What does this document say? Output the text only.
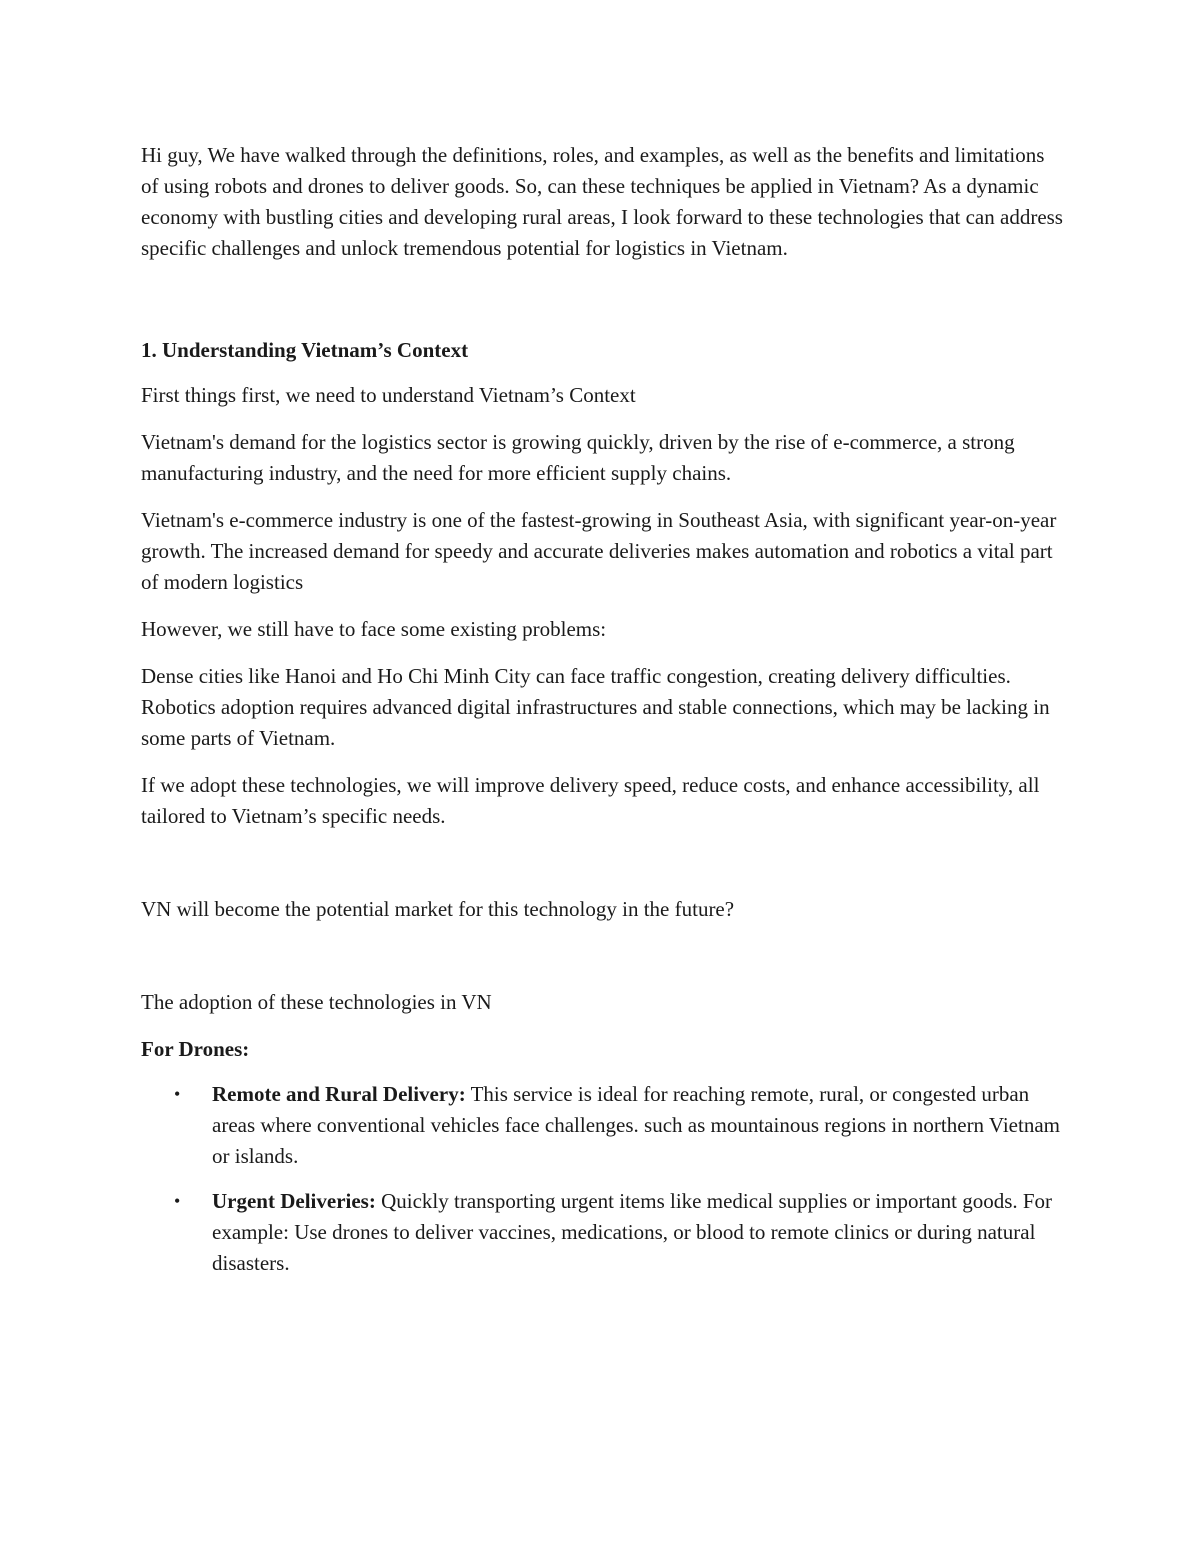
Hi guy, We have walked through the definitions, roles, and examples, as well as the benefits and limitations of using robots and drones to deliver goods. So, can these techniques be applied in Vietnam? As a dynamic economy with bustling cities and developing rural areas, I look forward to these technologies that can address specific challenges and unlock tremendous potential for logistics in Vietnam.

1. Understanding Vietnam’s Context

First things first, we need to understand Vietnam’s Context

Vietnam's demand for the logistics sector is growing quickly, driven by the rise of e-commerce, a strong manufacturing industry, and the need for more efficient supply chains.

Vietnam's e-commerce industry is one of the fastest-growing in Southeast Asia, with significant year-on-year growth. The increased demand for speedy and accurate deliveries makes automation and robotics a vital part of modern logistics

However, we still have to face some existing problems:

Dense cities like Hanoi and Ho Chi Minh City can face traffic congestion, creating delivery difficulties. Robotics adoption requires advanced digital infrastructures and stable connections, which may be lacking in some parts of Vietnam.

If we adopt these technologies, we will improve delivery speed, reduce costs, and enhance accessibility, all tailored to Vietnam’s specific needs.

VN will become the potential market for this technology in the future?

The adoption of these technologies in VN

For Drones:

• Remote and Rural Delivery: This service is ideal for reaching remote, rural, or congested urban areas where conventional vehicles face challenges. such as mountainous regions in northern Vietnam or islands.
• Urgent Deliveries: Quickly transporting urgent items like medical supplies or important goods. For example: Use drones to deliver vaccines, medications, or blood to remote clinics or during natural disasters.
